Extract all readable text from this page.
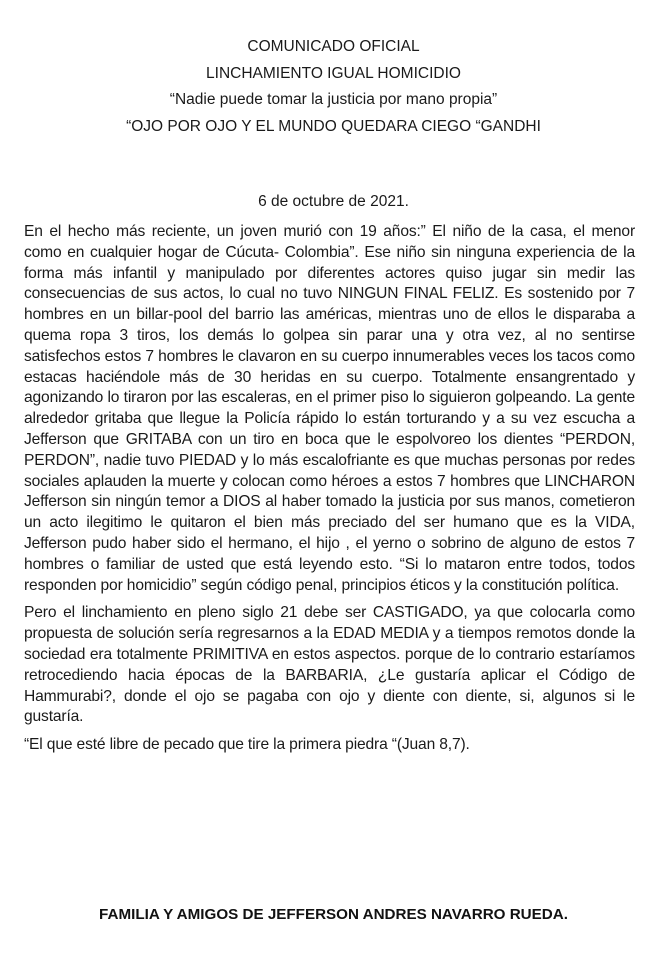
COMUNICADO OFICIAL
LINCHAMIENTO IGUAL HOMICIDIO
“Nadie puede tomar la justicia por mano propia”
“OJO POR OJO Y EL MUNDO QUEDARA CIEGO “GANDHI
6 de octubre de 2021.

En el hecho más reciente, un joven murió con 19 años:” El niño de la casa, el menor como en cualquier hogar de Cúcuta- Colombia”. Ese niño sin ninguna experiencia de la forma más infantil y manipulado por diferentes actores quiso jugar sin medir las consecuencias de sus actos, lo cual no tuvo NINGUN FINAL FELIZ. Es sostenido por 7 hombres en un billar-pool del barrio las américas, mientras uno de ellos le disparaba a quema ropa 3 tiros, los demás lo golpea sin parar una y otra vez, al no sentirse satisfechos estos 7 hombres le clavaron en su cuerpo innumerables veces los tacos como estacas haciéndole más de 30 heridas en su cuerpo. Totalmente ensangrentado y agonizando lo tiraron por las escaleras, en el primer piso lo siguieron golpeando. La gente alrededor gritaba que llegue la Policía rápido lo están torturando y a su vez escucha a Jefferson que GRITABA con un tiro en boca que le espolvoreo los dientes “PERDON, PERDON”, nadie tuvo PIEDAD y lo más escalofriante es que muchas personas por redes sociales aplauden la muerte y colocan como héroes a estos 7 hombres que LINCHARON Jefferson sin ningún temor a DIOS al haber tomado la justicia por sus manos, cometieron un acto ilegitimo le quitaron el bien más preciado del ser humano que es la VIDA, Jefferson pudo haber sido el hermano, el hijo , el yerno o sobrino de alguno de estos 7 hombres o familiar de usted que está leyendo esto. “Si lo mataron entre todos, todos responden por homicidio” según código penal, principios éticos y la constitución política.

Pero el linchamiento en pleno siglo 21 debe ser CASTIGADO, ya que colocarla como propuesta de solución sería regresarnos a la EDAD MEDIA y a tiempos remotos donde la sociedad era totalmente PRIMITIVA en estos aspectos. porque de lo contrario estaríamos retrocediendo hacia épocas de la BARBARIA, ¿Le gustaría aplicar el Código de Hammurabi?, donde el ojo se pagaba con ojo y diente con diente, si, algunos si le gustaría.

“El que esté libre de pecado que tire la primera piedra “(Juan 8,7).

FAMILIA Y AMIGOS DE JEFFERSON ANDRES NAVARRO RUEDA.
